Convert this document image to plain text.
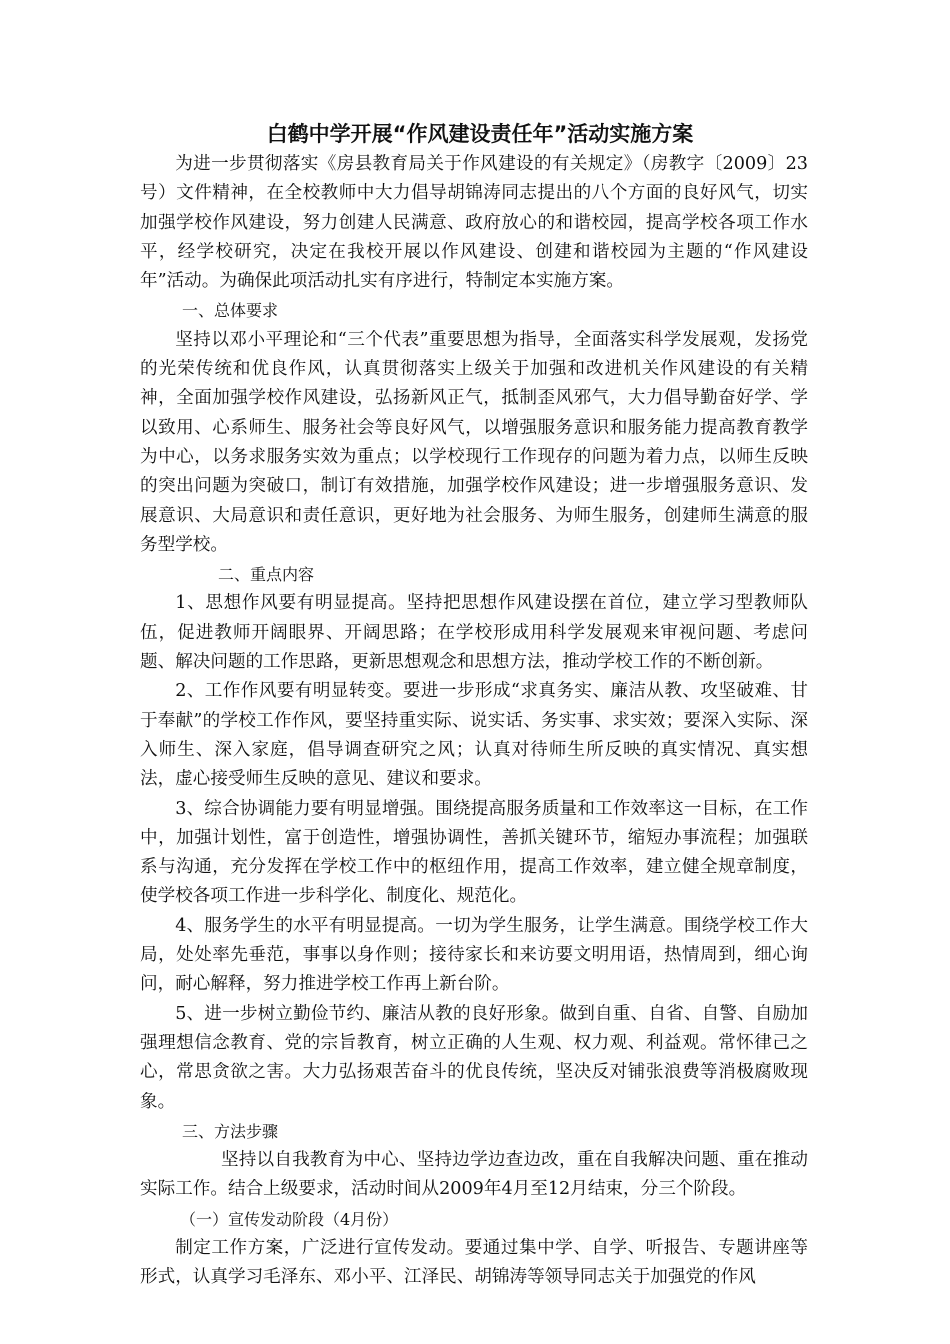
白鹤中学开展“作风建设责任年”活动实施方案

为进一步贯彻落实《房县教育局关于作风建设的有关规定》（房教字〔2009〕23号）文件精神，在全校教师中大力倡导胡锦涛同志提出的八个方面的良好风气，切实加强学校作风建设，努力创建人民满意、政府放心的和谐校园，提高学校各项工作水平，经学校研究，决定在我校开展以作风建设、创建和谐校园为主题的“作风建设年”活动。为确保此项活动扎实有序进行，特制定本实施方案。

一、总体要求

坚持以邓小平理论和“三个代表”重要思想为指导，全面落实科学发展观，发扬党的光荣传统和优良作风，认真贯彻落实上级关于加强和改进机关作风建设的有关精神，全面加强学校作风建设，弘扬新风正气，抵制歪风邪气，大力倡导勤奋好学、学以致用、心系师生、服务社会等良好风气，以增强服务意识和服务能力提高教育教学为中心，以务求服务实效为重点；以学校现行工作现存的问题为着力点，以师生反映的突出问题为突破口，制订有效措施，加强学校作风建设；进一步增强服务意识、发展意识、大局意识和责任意识，更好地为社会服务、为师生服务，创建师生满意的服务型学校。

二、重点内容

1、思想作风要有明显提高。坚持把思想作风建设摆在首位，建立学习型教师队伍，促进教师开阔眼界、开阔思路；在学校形成用科学发展观来审视问题、考虑问题、解决问题的工作思路，更新思想观念和思想方法，推动学校工作的不断创新。

2、工作作风要有明显转变。要进一步形成“求真务实、廉洁从教、攻坚破难、甘于奉献”的学校工作作风，要坚持重实际、说实话、务实事、求实效；要深入实际、深入师生、深入家庭，倡导调查研究之风；认真对待师生所反映的真实情况、真实想法，虚心接受师生反映的意见、建议和要求。

3、综合协调能力要有明显增强。围绕提高服务质量和工作效率这一目标，在工作中，加强计划性，富于创造性，增强协调性，善抓关键环节，缩短办事流程；加强联系与沟通，充分发挥在学校工作中的枢纽作用，提高工作效率，建立健全规章制度，使学校各项工作进一步科学化、制度化、规范化。

4、服务学生的水平有明显提高。一切为学生服务，让学生满意。围绕学校工作大局，处处率先垂范，事事以身作则；接待家长和来访要文明用语，热情周到，细心询问，耐心解释，努力推进学校工作再上新台阶。

5、进一步树立勤俭节约、廉洁从教的良好形象。做到自重、自省、自警、自励加强理想信念教育、党的宗旨教育，树立正确的人生观、权力观、利益观。常怀律己之心，常思贪欲之害。大力弘扬艰苦奋斗的优良传统，坚决反对铺张浪费等消极腐败现象。

三、方法步骤

坚持以自我教育为中心、坚持边学边查边改，重在自我解决问题、重在推动实际工作。结合上级要求，活动时间从2009年4月至12月结束，分三个阶段。

（一）宣传发动阶段（4月份）

制定工作方案，广泛进行宣传发动。要通过集中学、自学、听报告、专题讲座等形式，认真学习毛泽东、邓小平、江泽民、胡锦涛等领导同志关于加强党的作风
